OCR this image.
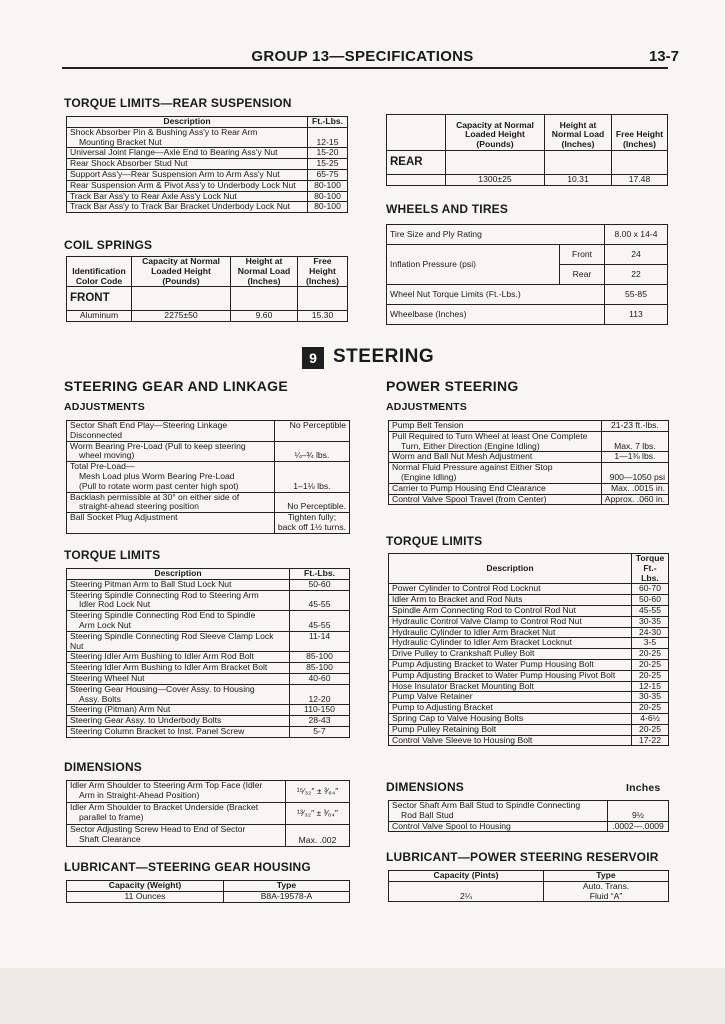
GROUP 13—SPECIFICATIONS	13-7
TORQUE LIMITS—REAR SUSPENSION
Description	Ft.-Lbs.
Shock Absorber Pin & Bushing Ass'y to Rear Arm
Mounting Bracket Nut	12-15
Universal Joint Flange—Axle End to Bearing Ass'y Nut	15-20
Rear Shock Absorber Stud Nut	15-25
Support Ass'y—Rear Suspension Arm to Arm Ass'y Nut	65-75
Rear Suspension Arm & Pivot Ass'y to Underbody Lock Nut	80-100
Track Bar Ass'y to Rear Axle Ass'y Lock Nut	80-100
Track Bar Ass'y to Track Bar Bracket Underbody Lock Nut	80-100
COIL SPRINGS
Identification Color Code	Capacity at Normal Loaded Height (Pounds)	Height at Normal Load (Inches)	Free Height (Inches)
FRONT			
Aluminum	2275±50	9.60	15.30
	Capacity at Normal Loaded Height (Pounds)	Height at Normal Load (Inches)	Free Height (Inches)
REAR			
	1300±25	10.31	17.48
WHEELS AND TIRES
Tire Size and Ply Rating		8.00 x 14-4
Inflation Pressure (psi)	Front	24
	Rear	22
Wheel Nut Torque Limits (Ft.-Lbs.)		55-85
Wheelbase (Inches)		113
9 STEERING
STEERING GEAR AND LINKAGE
ADJUSTMENTS
Sector Shaft End Play—Steering Linkage Disconnected	No Perceptible
Worm Bearing Pre-Load (Pull to keep steering
wheel moving)	¼–¾ lbs.
Total Pre-Load—
Mesh Load plus Worm Bearing Pre-Load
(Pull to rotate worm past center high spot)	1–1⅛ lbs.
Backlash permissible at 30° on either side of
straight-ahead steering position	No Perceptible.
Ball Socket Plug Adjustment	Tighten fully;
back off 1½ turns.
TORQUE LIMITS
Description	Ft.-Lbs.
Steering Pitman Arm to Ball Stud Lock Nut	50-60
Steering Spindle Connecting Rod to Steering Arm
Idler Rod Lock Nut	45-55
Steering Spindle Connecting Rod End to Spindle
Arm Lock Nut	45-55
Steering Spindle Connecting Rod Sleeve Clamp Lock Nut	11-14
Steering Idler Arm Bushing to Idler Arm Rod Bolt	85-100
Steering Idler Arm Bushing to Idler Arm Bracket Bolt	85-100
Steering Wheel Nut	40-60
Steering Gear Housing—Cover Assy. to Housing
Assy. Bolts	12-20
Steering (Pitman) Arm Nut	110-150
Steering Gear Assy. to Underbody Bolts	28-43
Steering Column Bracket to Inst. Panel Screw	5-7
DIMENSIONS
Idler Arm Shoulder to Steering Arm Top Face (Idler
Arm in Straight-Ahead Position)	¹⁵⁄₃₂″ ± ³⁄₆₄″
Idler Arm Shoulder to Bracket Underside (Bracket
parallel to frame)	¹³⁄₃₂″ ± ³⁄₆₄″
Sector Adjusting Screw Head to End of Sector
Shaft Clearance	Max. .002
LUBRICANT—STEERING GEAR HOUSING
Capacity (Weight)	Type
11 Ounces	B8A-19578-A
POWER STEERING
ADJUSTMENTS
Pump Belt Tension	21-23 ft.-lbs.
Pull Required to Turn Wheel at least One Complete
Turn, Either Direction (Engine Idling)	Max. 7 lbs.
Worm and Ball Nut Mesh Adjustment	1—1⅜ lbs.
Normal Fluid Pressure against Either Stop
(Engine Idling)	900—1050 psi
Carrier to Pump Housing End Clearance	Max. .0015 in.
Control Valve Spool Travel (from Center)	Approx. .060 in.
TORQUE LIMITS
Description	Torque Ft.-Lbs.
Power Cylinder to Control Rod Locknut	60-70
Idler Arm to Bracket and Rod Nuts	50-60
Spindle Arm Connecting Rod to Control Rod Nut	45-55
Hydraulic Control Valve Clamp to Control Rod Nut	30-35
Hydraulic Cylinder to Idler Arm Bracket Nut	24-30
Hydraulic Cylinder to Idler Arm Bracket Locknut	3-5
Drive Pulley to Crankshaft Pulley Bolt	20-25
Pump Adjusting Bracket to Water Pump Housing Bolt	20-25
Pump Adjusting Bracket to Water Pump Housing Pivot Bolt	20-25
Hose Insulator Bracket Mounting Bolt	12-15
Pump Valve Retainer	30-35
Pump to Adjusting Bracket	20-25
Spring Cap to Valve Housing Bolts	4-6½
Pump Pulley Retaining Bolt	20-25
Control Valve Sleeve to Housing Bolt	17-22
DIMENSIONS	Inches
Sector Shaft Arm Ball Stud to Spindle Connecting
Rod Ball Stud	9½
Control Valve Spool to Housing	.0002—.0009
LUBRICANT—POWER STEERING RESERVOIR
Capacity (Pints)	Type
2¼	Auto. Trans.
Fluid “A”
